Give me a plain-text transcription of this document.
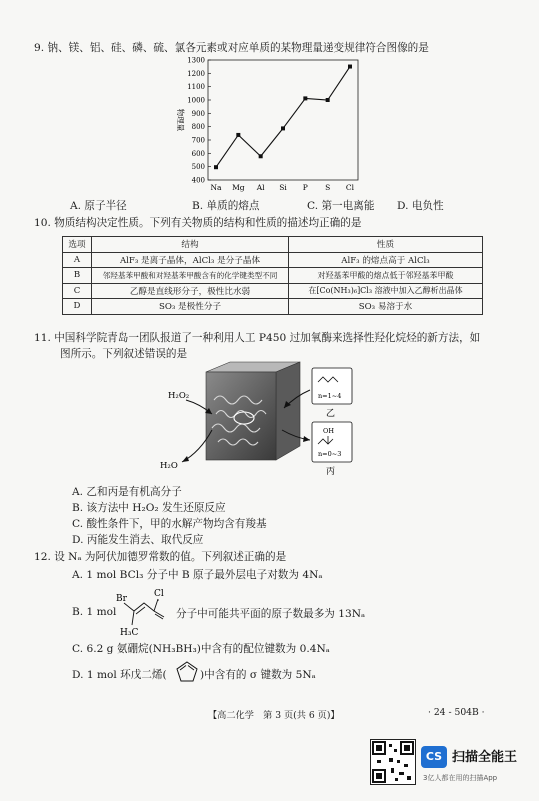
9. 钠、镁、铝、硅、磷、硫、氯各元素或对应单质的某物理量递变规律符合图像的是
400
500
600
700
800
900
1000
1100
1200
1300
Na Mg Al Si P S Cl
物理量
A. 原子半径	B. 单质的熔点	C. 第一电离能 D. 电负性
10. 物质结构决定性质。下列有关物质的结构和性质的描述均正确的是
选项	结构	性质
A	AlF₃ 是离子晶体，AlCl₃ 是分子晶体	AlF₃ 的熔点高于 AlCl₃
B	邻羟基苯甲酸和对羟基苯甲酸含有的化学键类型不同	对羟基苯甲酸的熔点低于邻羟基苯甲酸
C	乙醇是直线形分子，极性比水弱	在[Co(NH₃)₆]Cl₃ 溶液中加入乙醇析出晶体
D	SO₃ 是极性分子	SO₃ 易溶于水
11. 中国科学院青岛一团队报道了一种利用人工 P450 过加氧酶来选择性羟化烷烃的新方法，如
图所示。下列叙述错误的是
H₂O₂
H₂O
n=1~4
乙
OH
n=0~3
丙
A. 乙和丙是有机高分子
B. 该方法中 H₂O₂ 发生还原反应
C. 酸性条件下，甲的水解产物均含有羧基
D. 丙能发生消去、取代反应
12. 设 Nₐ 为阿伏加德罗常数的值。下列叙述正确的是
A. 1 mol BCl₃ 分子中 B 原子最外层电子对数为 4Nₐ
B. 1 mol
Br	Cl
H₃C
分子中可能共平面的原子数最多为 13Nₐ
C. 6.2 g 氨硼烷(NH₃BH₃)中含有的配位键数为 0.4Nₐ
D. 1 mol 环戊二烯(	)中含有的 σ 键数为 5Nₐ
【高二化学　第 3 页(共 6 页)】	· 24 - 504B ·
CS 扫描全能王
3亿人都在用的扫描App
